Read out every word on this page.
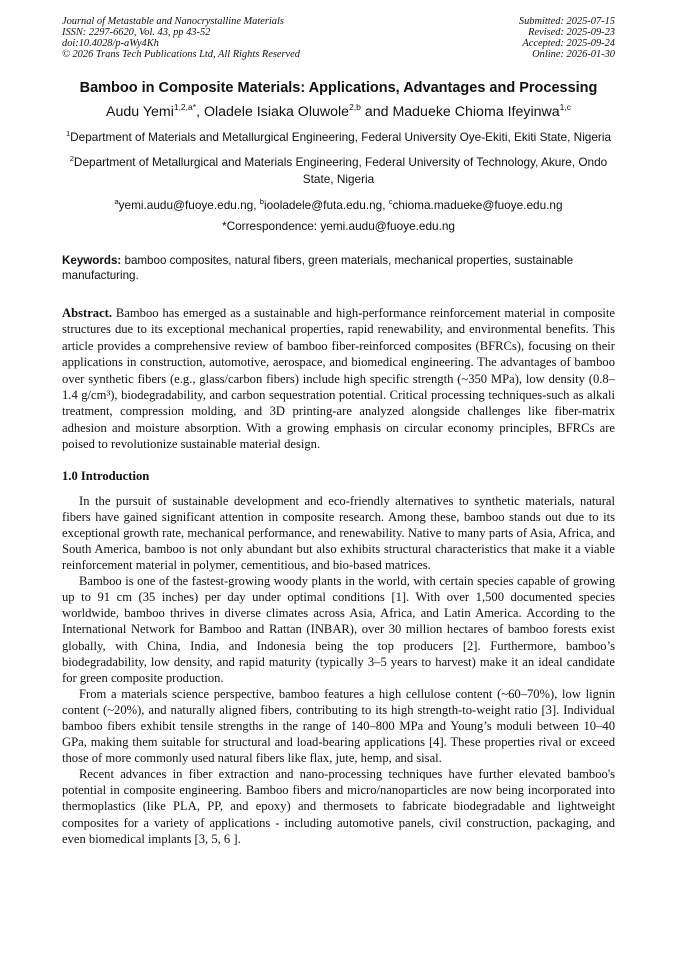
Journal of Metastable and Nanocrystalline Materials
ISSN: 2297-6620, Vol. 43, pp 43-52
doi:10.4028/p-aWy4Kh
© 2026 Trans Tech Publications Ltd, All Rights Reserved
Submitted: 2025-07-15
Revised: 2025-09-23
Accepted: 2025-09-24
Online: 2026-01-30
Bamboo in Composite Materials: Applications, Advantages and Processing
Audu Yemi$^{1,2,a*}$, Oladele Isiaka Oluwole$^{2,b}$ and Madueke Chioma Ifeyinwa$^{1,c}$
$^1$Department of Materials and Metallurgical Engineering, Federal University Oye-Ekiti, Ekiti State, Nigeria
$^2$Department of Metallurgical and Materials Engineering, Federal University of Technology, Akure, Ondo State, Nigeria
$^a$yemi.audu@fuoye.edu.ng, $^b$iooladele@futa.edu.ng, $^c$chioma.madueke@fuoye.edu.ng
*Correspondence: yemi.audu@fuoye.edu.ng
Keywords: bamboo composites, natural fibers, green materials, mechanical properties, sustainable manufacturing.
Abstract. Bamboo has emerged as a sustainable and high-performance reinforcement material in composite structures due to its exceptional mechanical properties, rapid renewability, and environmental benefits. This article provides a comprehensive review of bamboo fiber-reinforced composites (BFRCs), focusing on their applications in construction, automotive, aerospace, and biomedical engineering. The advantages of bamboo over synthetic fibers (e.g., glass/carbon fibers) include high specific strength (~350 MPa), low density (0.8–1.4 g/cm³), biodegradability, and carbon sequestration potential. Critical processing techniques-such as alkali treatment, compression molding, and 3D printing-are analyzed alongside challenges like fiber-matrix adhesion and moisture absorption. With a growing emphasis on circular economy principles, BFRCs are poised to revolutionize sustainable material design.
1.0 Introduction

In the pursuit of sustainable development and eco-friendly alternatives to synthetic materials, natural fibers have gained significant attention in composite research. Among these, bamboo stands out due to its exceptional growth rate, mechanical performance, and renewability. Native to many parts of Asia, Africa, and South America, bamboo is not only abundant but also exhibits structural characteristics that make it a viable reinforcement material in polymer, cementitious, and bio-based matrices.

Bamboo is one of the fastest-growing woody plants in the world, with certain species capable of growing up to 91 cm (35 inches) per day under optimal conditions [1]. With over 1,500 documented species worldwide, bamboo thrives in diverse climates across Asia, Africa, and Latin America. According to the International Network for Bamboo and Rattan (INBAR), over 30 million hectares of bamboo forests exist globally, with China, India, and Indonesia being the top producers [2]. Furthermore, bamboo’s biodegradability, low density, and rapid maturity (typically 3–5 years to harvest) make it an ideal candidate for green composite production.

From a materials science perspective, bamboo features a high cellulose content (~60–70%), low lignin content (~20%), and naturally aligned fibers, contributing to its high strength-to-weight ratio [3]. Individual bamboo fibers exhibit tensile strengths in the range of 140–800 MPa and Young’s moduli between 10–40 GPa, making them suitable for structural and load-bearing applications [4]. These properties rival or exceed those of more commonly used natural fibers like flax, jute, hemp, and sisal.

Recent advances in fiber extraction and nano-processing techniques have further elevated bamboo's potential in composite engineering. Bamboo fibers and micro/nanoparticles are now being incorporated into thermoplastics (like PLA, PP, and epoxy) and thermosets to fabricate biodegradable and lightweight composites for a variety of applications - including automotive panels, civil construction, packaging, and even biomedical implants [3, 5, 6 ].
